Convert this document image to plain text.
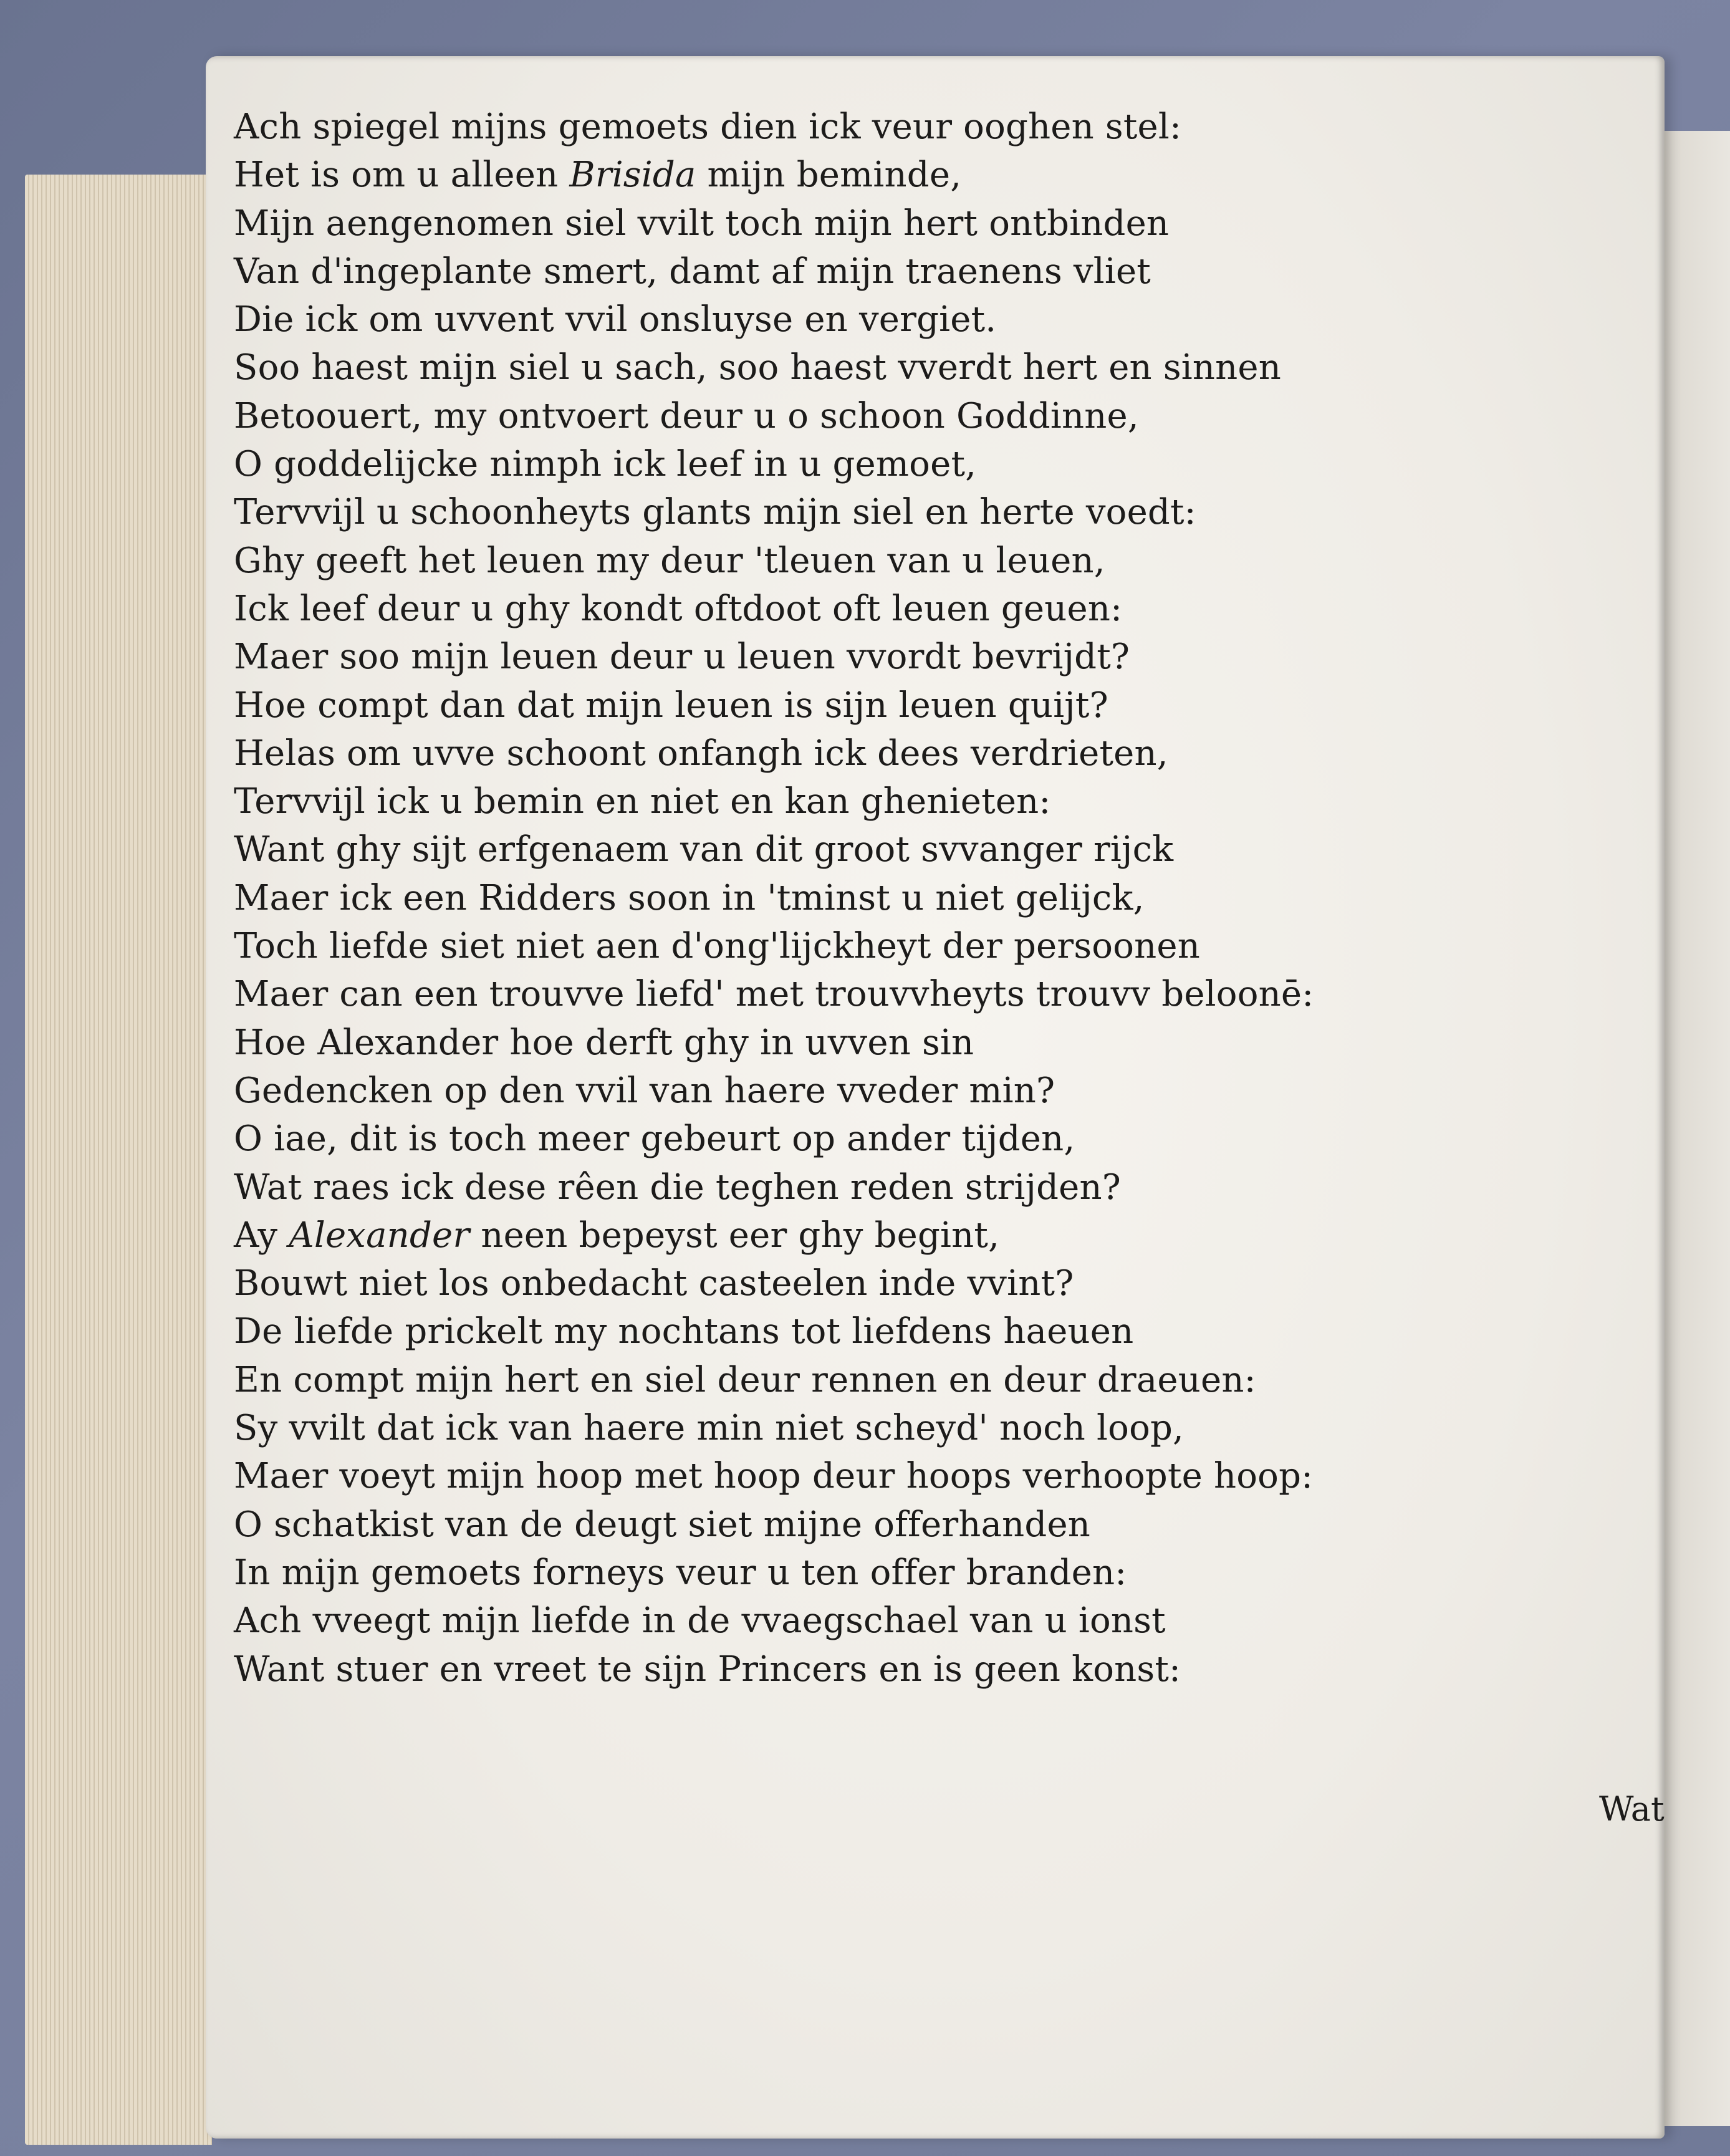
Ach spiegel mijns gemoets dien ick veur ooghen stel:
Het is om u alleen Brisida mijn beminde,
Mijn aengenomen siel vvilt toch mijn hert ontbinden
Van d'ingeplante smert, damt af mijn traenens vliet
Die ick om uvvent vvil onsluyse en vergiet.
Soo haest mijn siel u sach, soo haest vverdt hert en sinnen
Betoouert, my ontvoert deur u o schoon Goddinne,
O goddelijcke nimph ick leef in u gemoet,
Tervvijl u schoonheyts glants mijn siel en herte voedt:
Ghy geeft het leuen my deur 'tleuen van u leuen,
Ick leef deur u ghy kondt oftdoot oft leuen geuen:
Maer soo mijn leuen deur u leuen vvordt bevrijdt?
Hoe compt dan dat mijn leuen is sijn leuen quijt?
Helas om uvve schoont onfangh ick dees verdrieten,
Tervvijl ick u bemin en niet en kan ghenieten:
Want ghy sijt erfgenaem van dit groot svvanger rijck
Maer ick een Ridders soon in 'tminst u niet gelijck,
Toch liefde siet niet aen d'ong'lijckheyt der persoonen
Maer can een trouvve liefd' met trouvvheyts trouvv beloonē:
Hoe Alexander hoe derft ghy in uvven sin
Gedencken op den vvil van haere vveder min?
O iae, dit is toch meer gebeurt op ander tijden,
Wat raes ick dese rêen die teghen reden strijden?
Ay Alexander neen bepeyst eer ghy begint,
Bouwt niet los onbedacht casteelen inde vvint?
De liefde prickelt my nochtans tot liefdens haeuen
En compt mijn hert en siel deur rennen en deur draeuen:
Sy vvilt dat ick van haere min niet scheyd' noch loop,
Maer voeyt mijn hoop met hoop deur hoops verhoopte hoop:
O schatkist van de deugt siet mijne offerhanden
In mijn gemoets forneys veur u ten offer branden:
Ach vveegt mijn liefde in de vvaegschael van u ionst
Want stuer en vreet te sijn Princers en is geen konst:
Wat
